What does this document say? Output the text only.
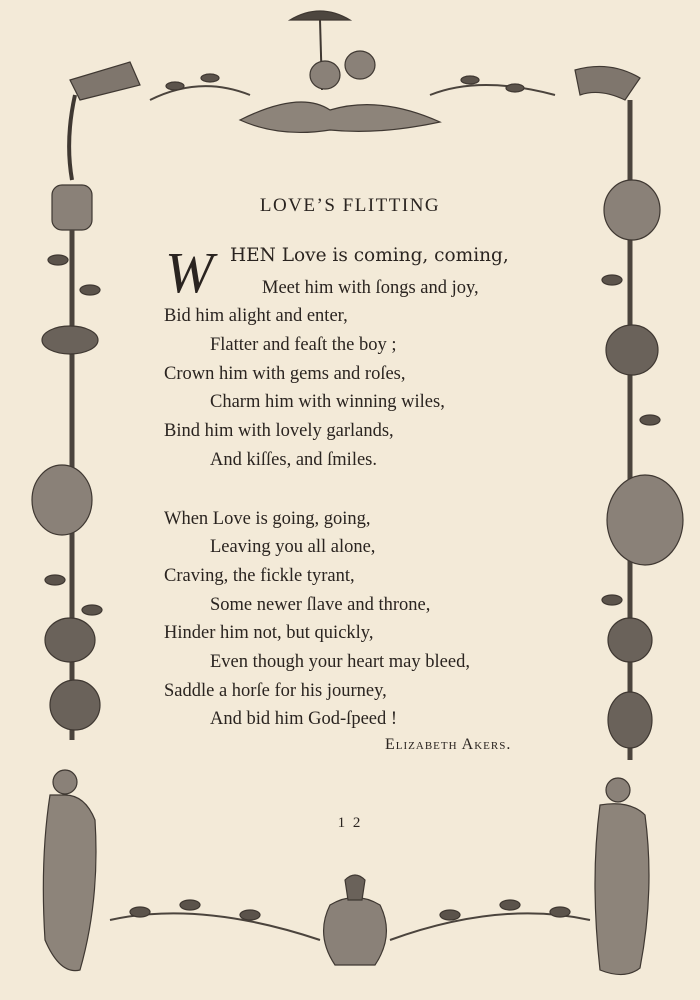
LOVE’S FLITTING
W HEN Love is coming, coming,
Meet him with ſongs and joy,
Bid him alight and enter,
Flatter and feaſt the boy ;
Crown him with gems and roſes,
Charm him with winning wiles,
Bind him with lovely garlands,
And kiſſes, and ſmiles.
When Love is going, going,
Leaving you all alone,
Craving, the fickle tyrant,
Some newer ſlave and throne,
Hinder him not, but quickly,
Even though your heart may bleed,
Saddle a horſe for his journey,
And bid him God-ſpeed !
Elizabeth Akers.
1 2
